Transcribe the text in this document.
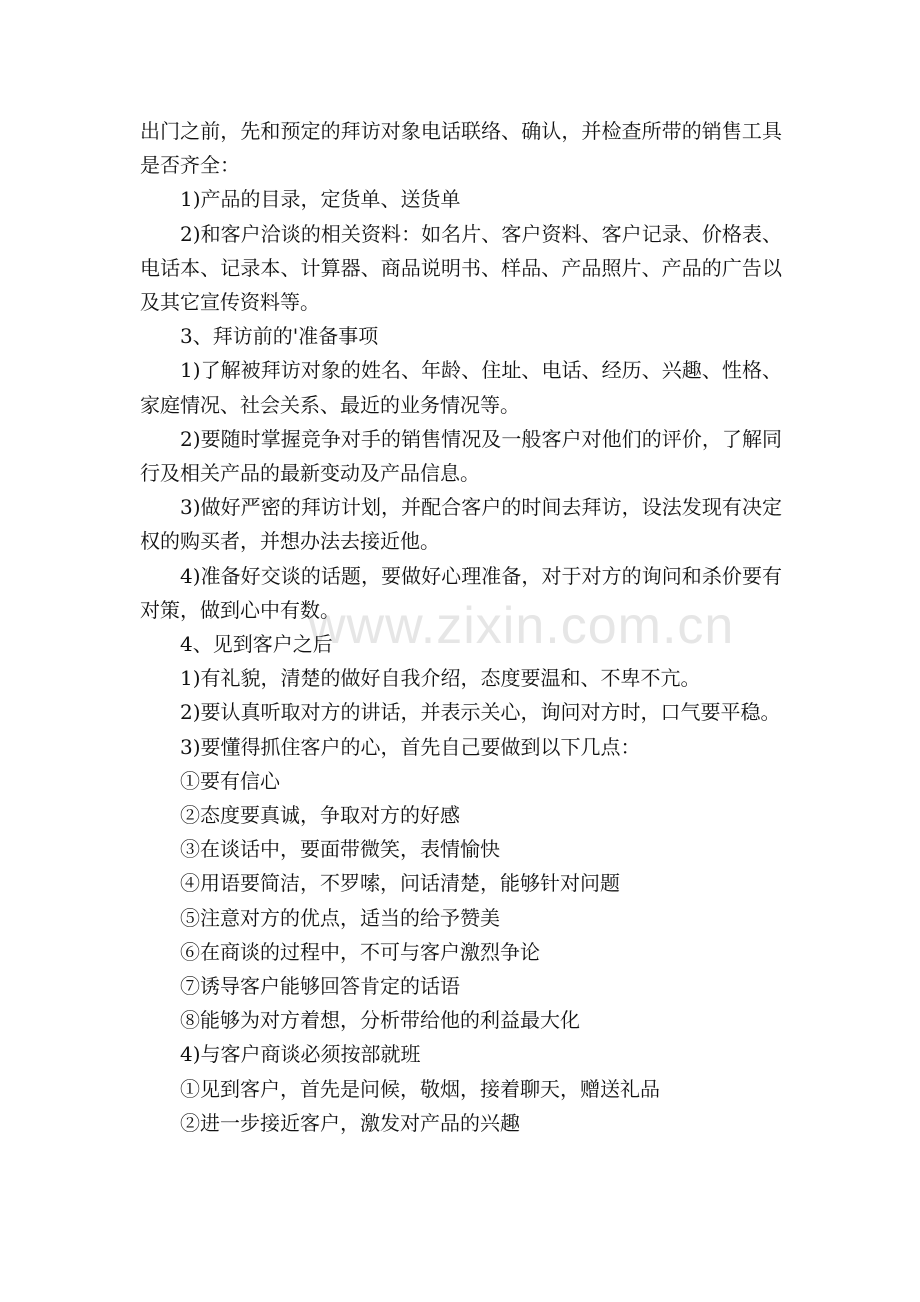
www.zixin.com.cn

出门之前，先和预定的拜访对象电话联络、确认，并检查所带的销售工具是否齐全：

1)产品的目录，定货单、送货单

2)和客户洽谈的相关资料：如名片、客户资料、客户记录、价格表、电话本、记录本、计算器、商品说明书、样品、产品照片、产品的广告以及其它宣传资料等。

3、拜访前的'准备事项

1)了解被拜访对象的姓名、年龄、住址、电话、经历、兴趣、性格、家庭情况、社会关系、最近的业务情况等。

2)要随时掌握竞争对手的销售情况及一般客户对他们的评价，了解同行及相关产品的最新变动及产品信息。

3)做好严密的拜访计划，并配合客户的时间去拜访，设法发现有决定权的购买者，并想办法去接近他。

4)准备好交谈的话题，要做好心理准备，对于对方的询问和杀价要有对策，做到心中有数。

4、见到客户之后

1)有礼貌，清楚的做好自我介绍，态度要温和、不卑不亢。

2)要认真听取对方的讲话，并表示关心，询问对方时，口气要平稳。

3)要懂得抓住客户的心，首先自己要做到以下几点：

①要有信心

②态度要真诚，争取对方的好感

③在谈话中，要面带微笑，表情愉快

④用语要简洁，不罗嗦，问话清楚，能够针对问题

⑤注意对方的优点，适当的给予赞美

⑥在商谈的过程中，不可与客户激烈争论

⑦诱导客户能够回答肯定的话语

⑧能够为对方着想，分析带给他的利益最大化

4)与客户商谈必须按部就班

①见到客户，首先是问候，敬烟，接着聊天，赠送礼品

②进一步接近客户，激发对产品的兴趣
